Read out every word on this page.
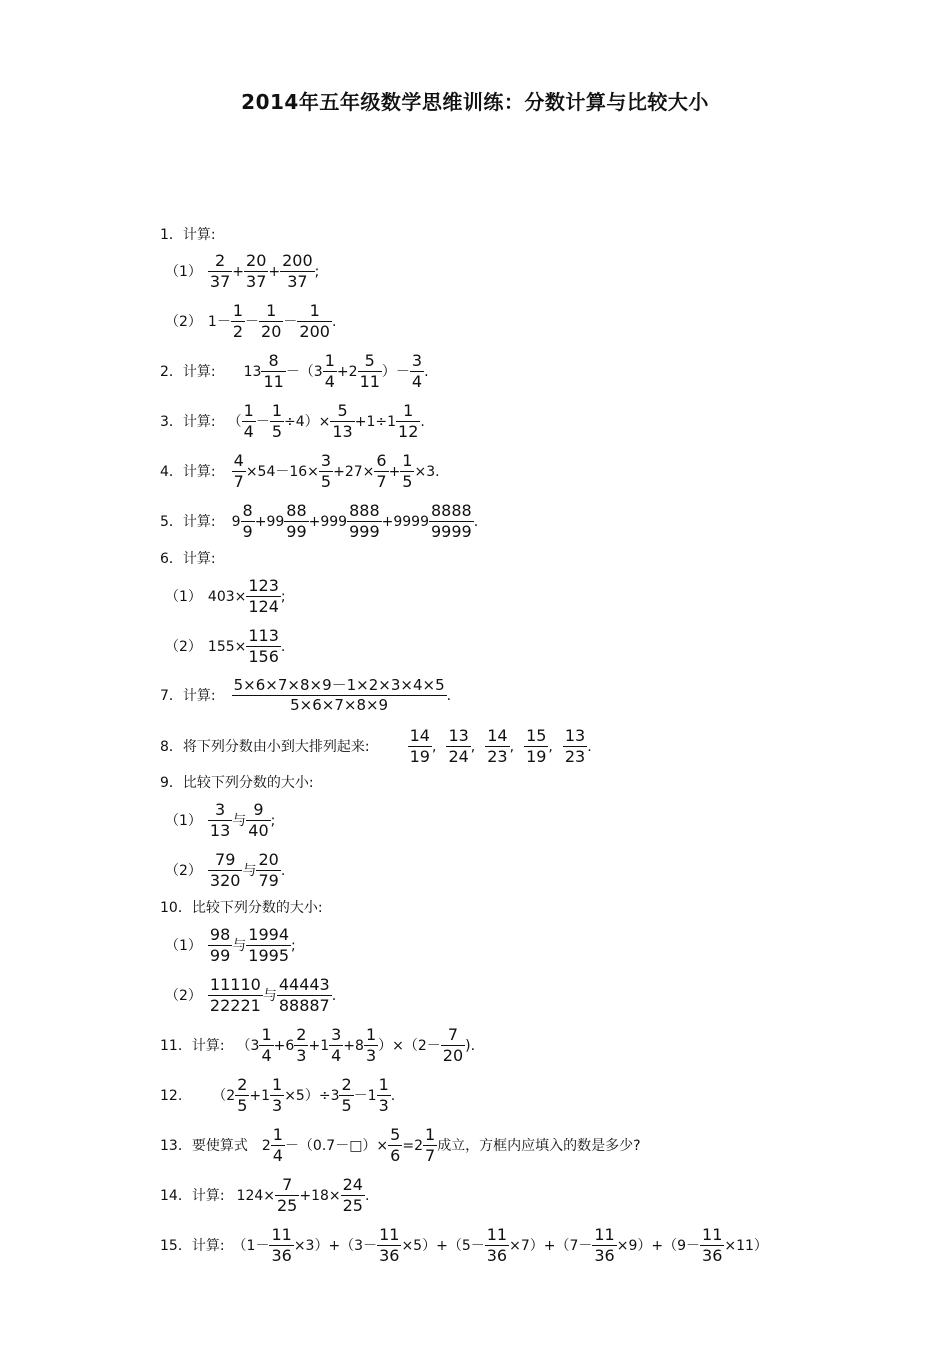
2014年五年级数学思维训练：分数计算与比较大小
1．计算:
$(1) \frac{2}{37} + \frac{20}{37} + \frac{200}{37}$ ;
（2） $1- \frac{1}{2} - \frac{1}{20} - \frac{1}{200}$ .
2．计算: $13 \frac{8}{11} -(3 \frac{1}{4} +2 \frac{5}{11}$ ）－ $\frac{3}{4}$ .
3．计算: （ $\frac{1}{4} - \frac{1}{5} \div 4)\times \frac{5}{13} +1\div 1 \frac{1}{12}$ .
4．计算: $\frac{4}{7} \times 54-16\times \frac{3}{5} +27\times \frac{6}{7} + \frac{1}{5} \times 3$.
5．计算: $9 \frac{8}{9} +99 \frac{88}{99} +999 \frac{888}{999} +9999 \frac{8888}{9999}$ .
6．计算:
（1） $403\times \frac{123}{124}$ ;
（2） $155\times \frac{113}{156}$ .
7．计算: $\frac{5\times 6\times 7\times 8\times 9-1\times 2\times 3\times 4\times 5}{5\times 6\times 7\times 8\times 9}$ .
8．将下列分数由小到大排列起来: $\frac{14}{19}$ , $\frac{13}{24}$ , $\frac{14}{23}$ , $\frac{15}{19}$ , $\frac{13}{23}$ .
9．比较下列分数的大小:
$(1) \frac{3}{13}$ 与 $\frac{9}{40}$ ;
$(2) \frac{79}{320}$ 与 $\frac{20}{79}$ .
10．比较下列分数的大小:
$(1) \frac{98}{99}$ 与 $\frac{1994}{1995}$ ;
$(2) \frac{11110}{22221}$ 与 $\frac{44443}{88887}$ .
11．计算: $(3 \frac{1}{4} +6 \frac{2}{3} +1 \frac{3}{4} +8 \frac{1}{3} )\times(2- \frac{7}{20}$ ).
12. $(2 \frac{2}{5} +1 \frac{1}{3} \times 5)\div 3 \frac{2}{5} -1 \frac{1}{3}$ .
13．要使算式 $2 \frac{1}{4}$ －（0.7－□）× $\frac{5}{6} =2 \frac{1}{7}$ 成立，方框内应填入的数是多少?
14．计算: $124\times \frac{7}{25} +18\times \frac{24}{25}$ .
15．计算: $(1- \frac{11}{36} \times 3)+(3- \frac{11}{36} \times 5)+(5- \frac{11}{36} \times 7)+(7- \frac{11}{36} \times 9)+(9- \frac{11}{36} \times 11)$
